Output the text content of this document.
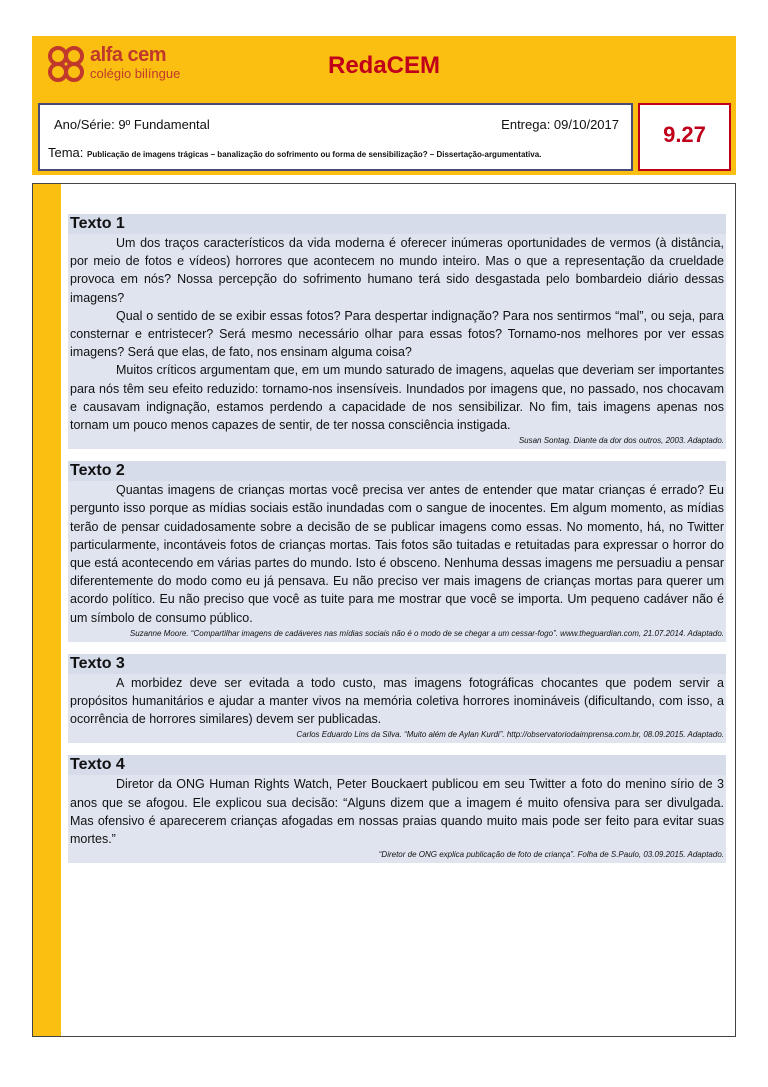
alfa cem
colégio bilíngue	RedaCEM
Ano/Série: 9º Fundamental	Entrega: 09/10/2017
Tema: Publicação de imagens trágicas – banalização do sofrimento ou forma de sensibilização? – Dissertação-argumentativa.
9.27
Texto 1

Um dos traços característicos da vida moderna é oferecer inúmeras oportunidades de vermos (à distância, por meio de fotos e vídeos) horrores que acontecem no mundo inteiro. Mas o que a representação da crueldade provoca em nós? Nossa percepção do sofrimento humano terá sido desgastada pelo bombardeio diário dessas imagens?

Qual o sentido de se exibir essas fotos? Para despertar indignação? Para nos sentirmos “mal”, ou seja, para consternar e entristecer? Será mesmo necessário olhar para essas fotos? Tornamo-nos melhores por ver essas imagens? Será que elas, de fato, nos ensinam alguma coisa?

Muitos críticos argumentam que, em um mundo saturado de imagens, aquelas que deveriam ser importantes para nós têm seu efeito reduzido: tornamo-nos insensíveis. Inundados por imagens que, no passado, nos chocavam e causavam indignação, estamos perdendo a capacidade de nos sensibilizar. No fim, tais imagens apenas nos tornam um pouco menos capazes de sentir, de ter nossa consciência instigada.

Susan Sontag. Diante da dor dos outros, 2003. Adaptado.
Texto 2

Quantas imagens de crianças mortas você precisa ver antes de entender que matar crianças é errado? Eu pergunto isso porque as mídias sociais estão inundadas com o sangue de inocentes. Em algum momento, as mídias terão de pensar cuidadosamente sobre a decisão de se publicar imagens como essas. No momento, há, no Twitter particularmente, incontáveis fotos de crianças mortas. Tais fotos são tuitadas e retuitadas para expressar o horror do que está acontecendo em várias partes do mundo. Isto é obsceno. Nenhuma dessas imagens me persuadiu a pensar diferentemente do modo como eu já pensava. Eu não preciso ver mais imagens de crianças mortas para querer um acordo político. Eu não preciso que você as tuite para me mostrar que você se importa. Um pequeno cadáver não é um símbolo de consumo público.

Suzanne Moore. “Compartilhar imagens de cadáveres nas mídias sociais não é o modo de se chegar a um cessar-fogo”. www.theguardian.com, 21.07.2014. Adaptado.
Texto 3

A morbidez deve ser evitada a todo custo, mas imagens fotográficas chocantes que podem servir a propósitos humanitários e ajudar a manter vivos na memória coletiva horrores inomináveis (dificultando, com isso, a ocorrência de horrores similares) devem ser publicadas.

Carlos Eduardo Lins da Silva. “Muito além de Aylan Kurdi”. http://observatoriodaimprensa.com.br, 08.09.2015. Adaptado.
Texto 4

Diretor da ONG Human Rights Watch, Peter Bouckaert publicou em seu Twitter a foto do menino sírio de 3 anos que se afogou. Ele explicou sua decisão: “Alguns dizem que a imagem é muito ofensiva para ser divulgada. Mas ofensivo é aparecerem crianças afogadas em nossas praias quando muito mais pode ser feito para evitar suas mortes.”

“Diretor de ONG explica publicação de foto de criança”. Folha de S.Paulo, 03.09.2015. Adaptado.
